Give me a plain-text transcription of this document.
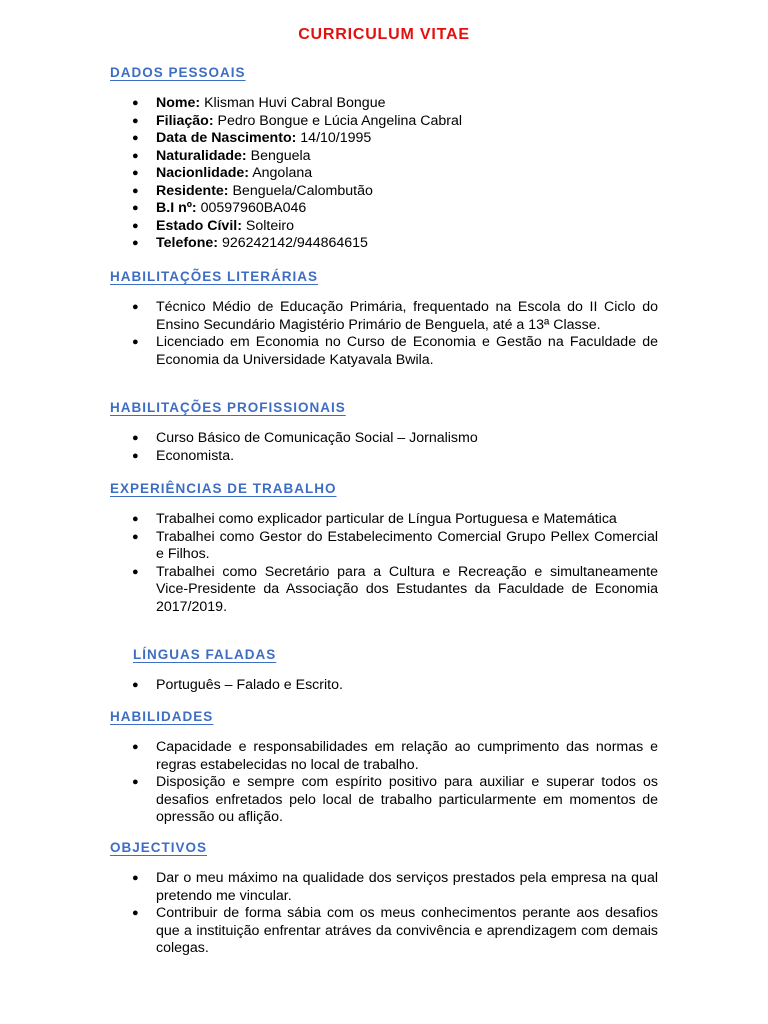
CURRICULUM VITAE
DADOS PESSOAIS
● Nome: Klisman Huvi Cabral Bongue
● Filiação: Pedro Bongue e Lúcia Angelina Cabral
● Data de Nascimento: 14/10/1995
● Naturalidade: Benguela
● Nacionlidade: Angolana
● Residente: Benguela/Calombutão
● B.I nº: 00597960BA046
● Estado Cívil: Solteiro
● Telefone: 926242142/944864615
HABILITAÇÕES LITERÁRIAS
● Técnico Médio de Educação Primária, frequentado na Escola do II Ciclo do Ensino Secundário Magistério Primário de Benguela, até a 13ª Classe.
● Licenciado em Economia no Curso de Economia e Gestão na Faculdade de Economia da Universidade Katyavala Bwila.
HABILITAÇÕES PROFISSIONAIS
● Curso Básico de Comunicação Social – Jornalismo
● Economista.
EXPERIÊNCIAS DE TRABALHO
● Trabalhei como explicador particular de Língua Portuguesa e Matemática
● Trabalhei como Gestor do Estabelecimento Comercial Grupo Pellex Comercial e Filhos.
● Trabalhei como Secretário para a Cultura e Recreação e simultaneamente Vice-Presidente da Associação dos Estudantes da Faculdade de Economia 2017/2019.
LÍNGUAS FALADAS
● Português – Falado e Escrito.
HABILIDADES
● Capacidade e responsabilidades em relação ao cumprimento das normas e regras estabelecidas no local de trabalho.
● Disposição e sempre com espírito positivo para auxiliar e superar todos os desafios enfretados pelo local de trabalho particularmente em momentos de opressão ou aflição.
OBJECTIVOS
● Dar o meu máximo na qualidade dos serviços prestados pela empresa na qual pretendo me vincular.
● Contribuir de forma sábia com os meus conhecimentos perante aos desafios que a instituição enfrentar atráves da convivência e aprendizagem com demais colegas.
